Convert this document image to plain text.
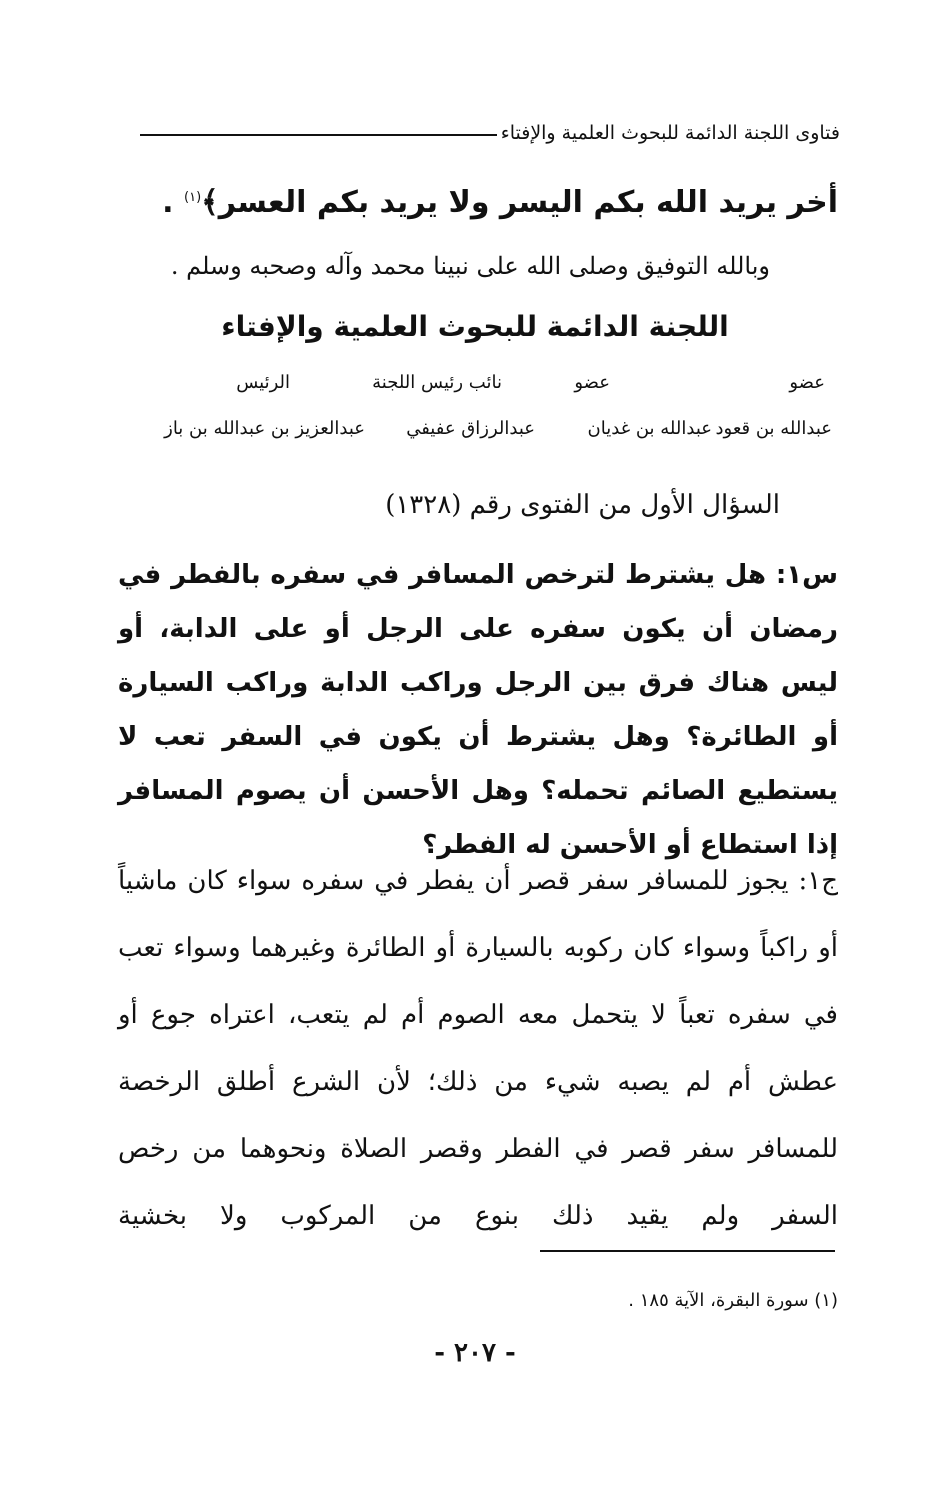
فتاوى اللجنة الدائمة للبحوث العلمية والإفتاء
أخر يريد الله بكم اليسر ولا يريد بكم العسر﴾$^{(١)}$ .
وبالله التوفيق وصلى الله على نبينا محمد وآله وصحبه وسلم .
اللجنة الدائمة للبحوث العلمية والإفتاء
عضو
عضو
نائب رئيس اللجنة
الرئيس
عبدالله بن قعود
عبدالله بن غديان
عبدالرزاق عفيفي
عبدالعزيز بن عبدالله بن باز
السؤال الأول من الفتوى رقم (١٣٢٨)
س١: هل يشترط لترخص المسافر في سفره بالفطر في رمضان أن يكون سفره على الرجل أو على الدابة، أو ليس هناك فرق بين الرجل وراكب الدابة وراكب السيارة أو الطائرة؟ وهل يشترط أن يكون في السفر تعب لا يستطيع الصائم تحمله؟ وهل الأحسن أن يصوم المسافر إذا استطاع أو الأحسن له الفطر؟
ج١: يجوز للمسافر سفر قصر أن يفطر في سفره سواء كان ماشياً أو راكباً وسواء كان ركوبه بالسيارة أو الطائرة وغيرهما وسواء تعب في سفره تعباً لا يتحمل معه الصوم أم لم يتعب، اعتراه جوع أو عطش أم لم يصبه شيء من ذلك؛ لأن الشرع أطلق الرخصة للمسافر سفر قصر في الفطر وقصر الصلاة ونحوهما من رخص السفر ولم يقيد ذلك بنوع من المركوب ولا بخشية
(١) سورة البقرة، الآية ١٨٥ .
- ٢٠٧ -
